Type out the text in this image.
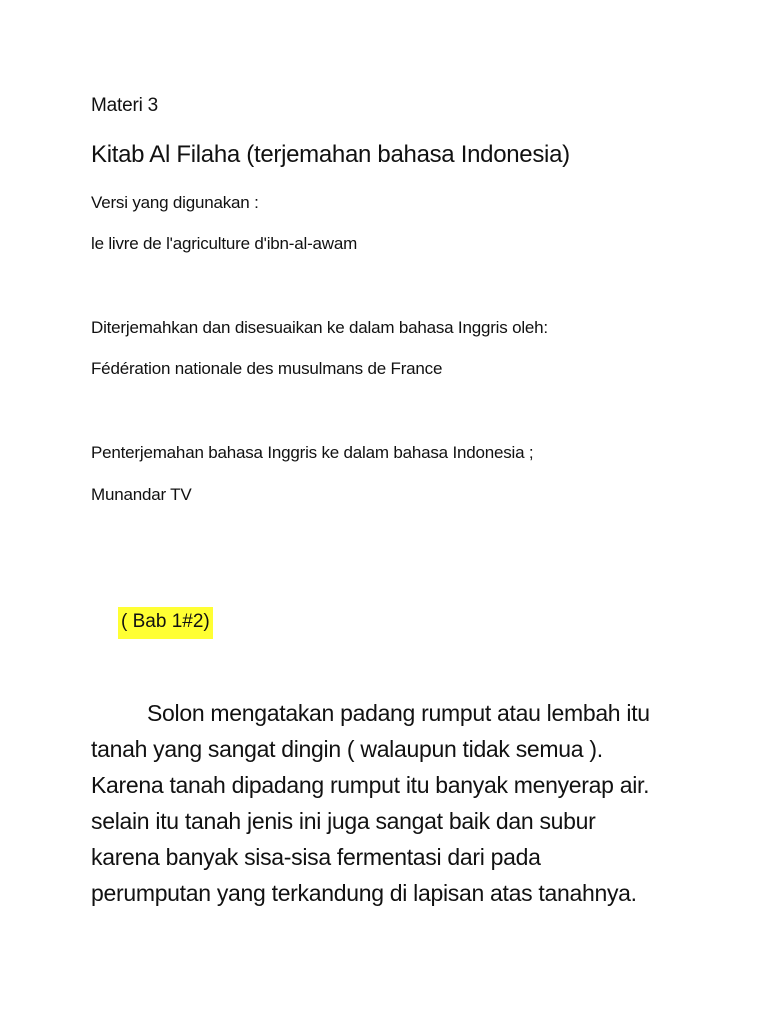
Materi 3
Kitab Al Filaha (terjemahan bahasa Indonesia)
Versi yang digunakan :
le livre de l'agriculture d'ibn-al-awam
Diterjemahkan dan disesuaikan ke dalam bahasa Inggris oleh:
Fédération nationale des musulmans de France
Penterjemahan bahasa Inggris ke dalam bahasa Indonesia ;
Munandar TV
( Bab 1#2)
Solon mengatakan padang rumput atau lembah itu
tanah yang sangat dingin ( walaupun tidak semua ).
Karena tanah dipadang rumput itu banyak menyerap air.
selain itu tanah jenis ini juga sangat baik dan subur
karena banyak sisa-sisa fermentasi dari pada
perumputan yang terkandung di lapisan atas tanahnya.
